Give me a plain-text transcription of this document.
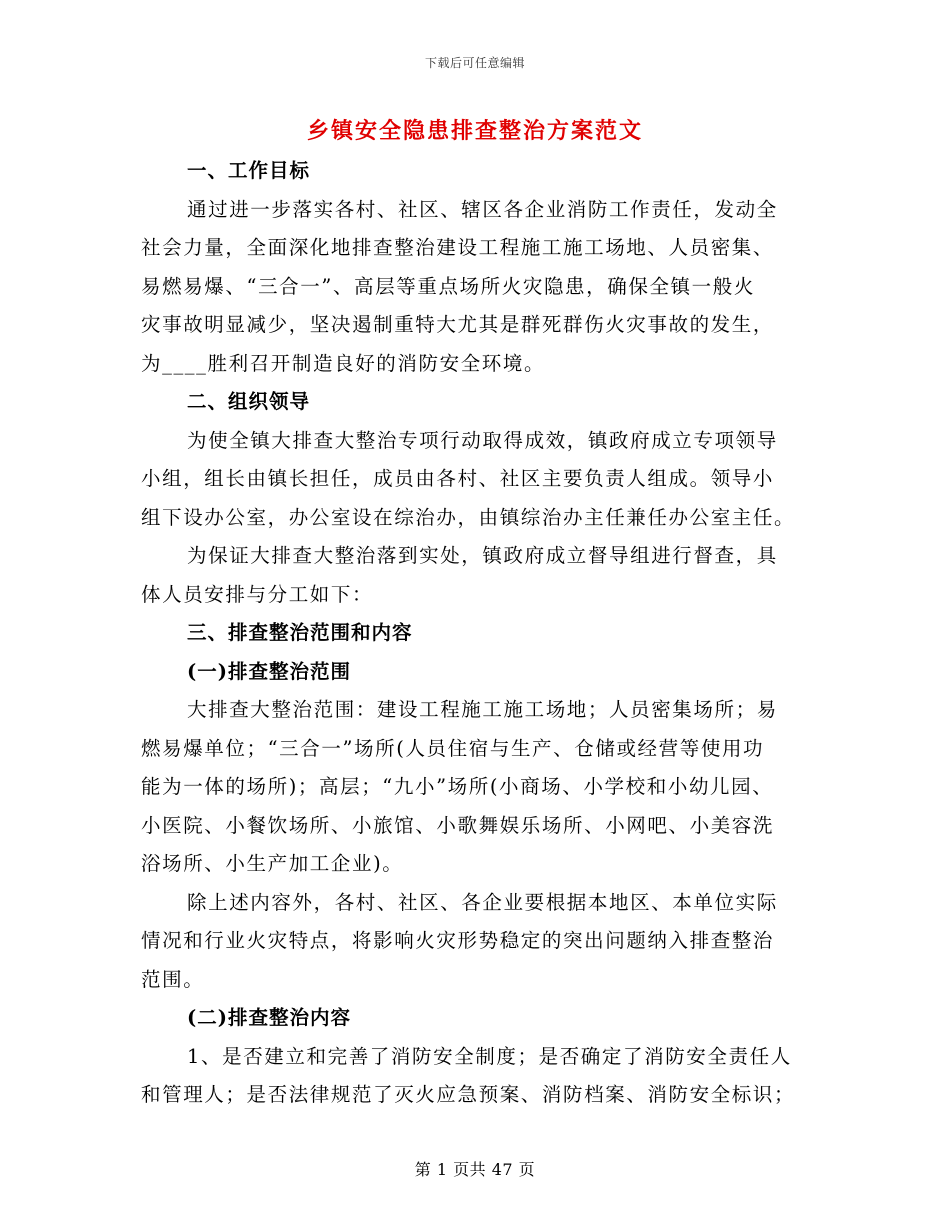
下载后可任意编辑
乡镇安全隐患排查整治方案范文
一、工作目标
通过进一步落实各村、社区、辖区各企业消防工作责任，发动全
社会力量，全面深化地排查整治建设工程施工施工场地、人员密集、
易燃易爆、“三合一”、高层等重点场所火灾隐患，确保全镇一般火
灾事故明显减少，坚决遏制重特大尤其是群死群伤火灾事故的发生，
为____胜利召开制造良好的消防安全环境。
二、组织领导
为使全镇大排查大整治专项行动取得成效，镇政府成立专项领导
小组，组长由镇长担任，成员由各村、社区主要负责人组成。领导小
组下设办公室，办公室设在综治办，由镇综治办主任兼任办公室主任。
为保证大排查大整治落到实处，镇政府成立督导组进行督查，具
体人员安排与分工如下：
三、排查整治范围和内容
(一)排查整治范围
大排查大整治范围：建设工程施工施工场地；人员密集场所；易
燃易爆单位；“三合一”场所(人员住宿与生产、仓储或经营等使用功
能为一体的场所)；高层；“九小”场所(小商场、小学校和小幼儿园、
小医院、小餐饮场所、小旅馆、小歌舞娱乐场所、小网吧、小美容洗
浴场所、小生产加工企业)。
除上述内容外，各村、社区、各企业要根据本地区、本单位实际
情况和行业火灾特点，将影响火灾形势稳定的突出问题纳入排查整治
范围。
(二)排查整治内容
1、是否建立和完善了消防安全制度；是否确定了消防安全责任人
和管理人；是否法律规范了灭火应急预案、消防档案、消防安全标识；
第 1 页共 47 页
